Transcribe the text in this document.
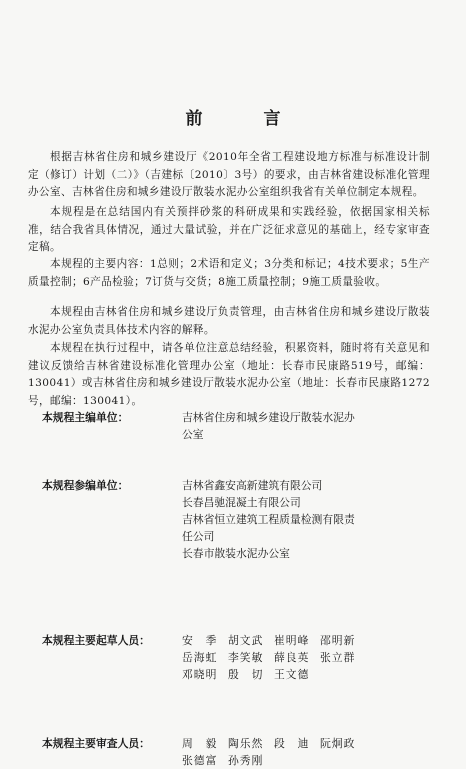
前　言
根据吉林省住房和城乡建设厅《2010年全省工程建设地方标准与标准设计制定（修订）计划（二）》（吉建标〔2010〕3号）的要求，由吉林省建设标准化管理办公室、吉林省住房和城乡建设厅散装水泥办公室组织我省有关单位制定本规程。
本规程是在总结国内有关预拌砂浆的科研成果和实践经验，依据国家相关标准，结合我省具体情况，通过大量试验，并在广泛征求意见的基础上，经专家审查定稿。
本规程的主要内容：1总则；2术语和定义；3分类和标记；4技术要求；5生产质量控制；6产品检验；7订货与交货；8施工质量控制；9施工质量验收。
本规程由吉林省住房和城乡建设厅负责管理，由吉林省住房和城乡建设厅散装水泥办公室负责具体技术内容的解释。
本规程在执行过程中，请各单位注意总结经验，积累资料，随时将有关意见和建议反馈给吉林省建设标准化管理办公室（地址：长春市民康路519号，邮编：130041）或吉林省住房和城乡建设厅散装水泥办公室（地址：长春市民康路1272号，邮编：130041）。
本规程主编单位：	吉林省住房和城乡建设厅散装水泥办
公室
本规程参编单位：	吉林省鑫安高新建筑有限公司
长春昌驰混凝土有限公司
吉林省恒立建筑工程质量检测有限责
任公司
长春市散装水泥办公室
本规程主要起草人员：	安　季 胡文武 崔明峰 邵明新
岳海虹 李笑敏 薛良英 张立群
邓晓明 殷　切 王文德
本规程主要审查人员：	周　毅 陶乐然 段　迪 阮炯政
张德富 孙秀刚
